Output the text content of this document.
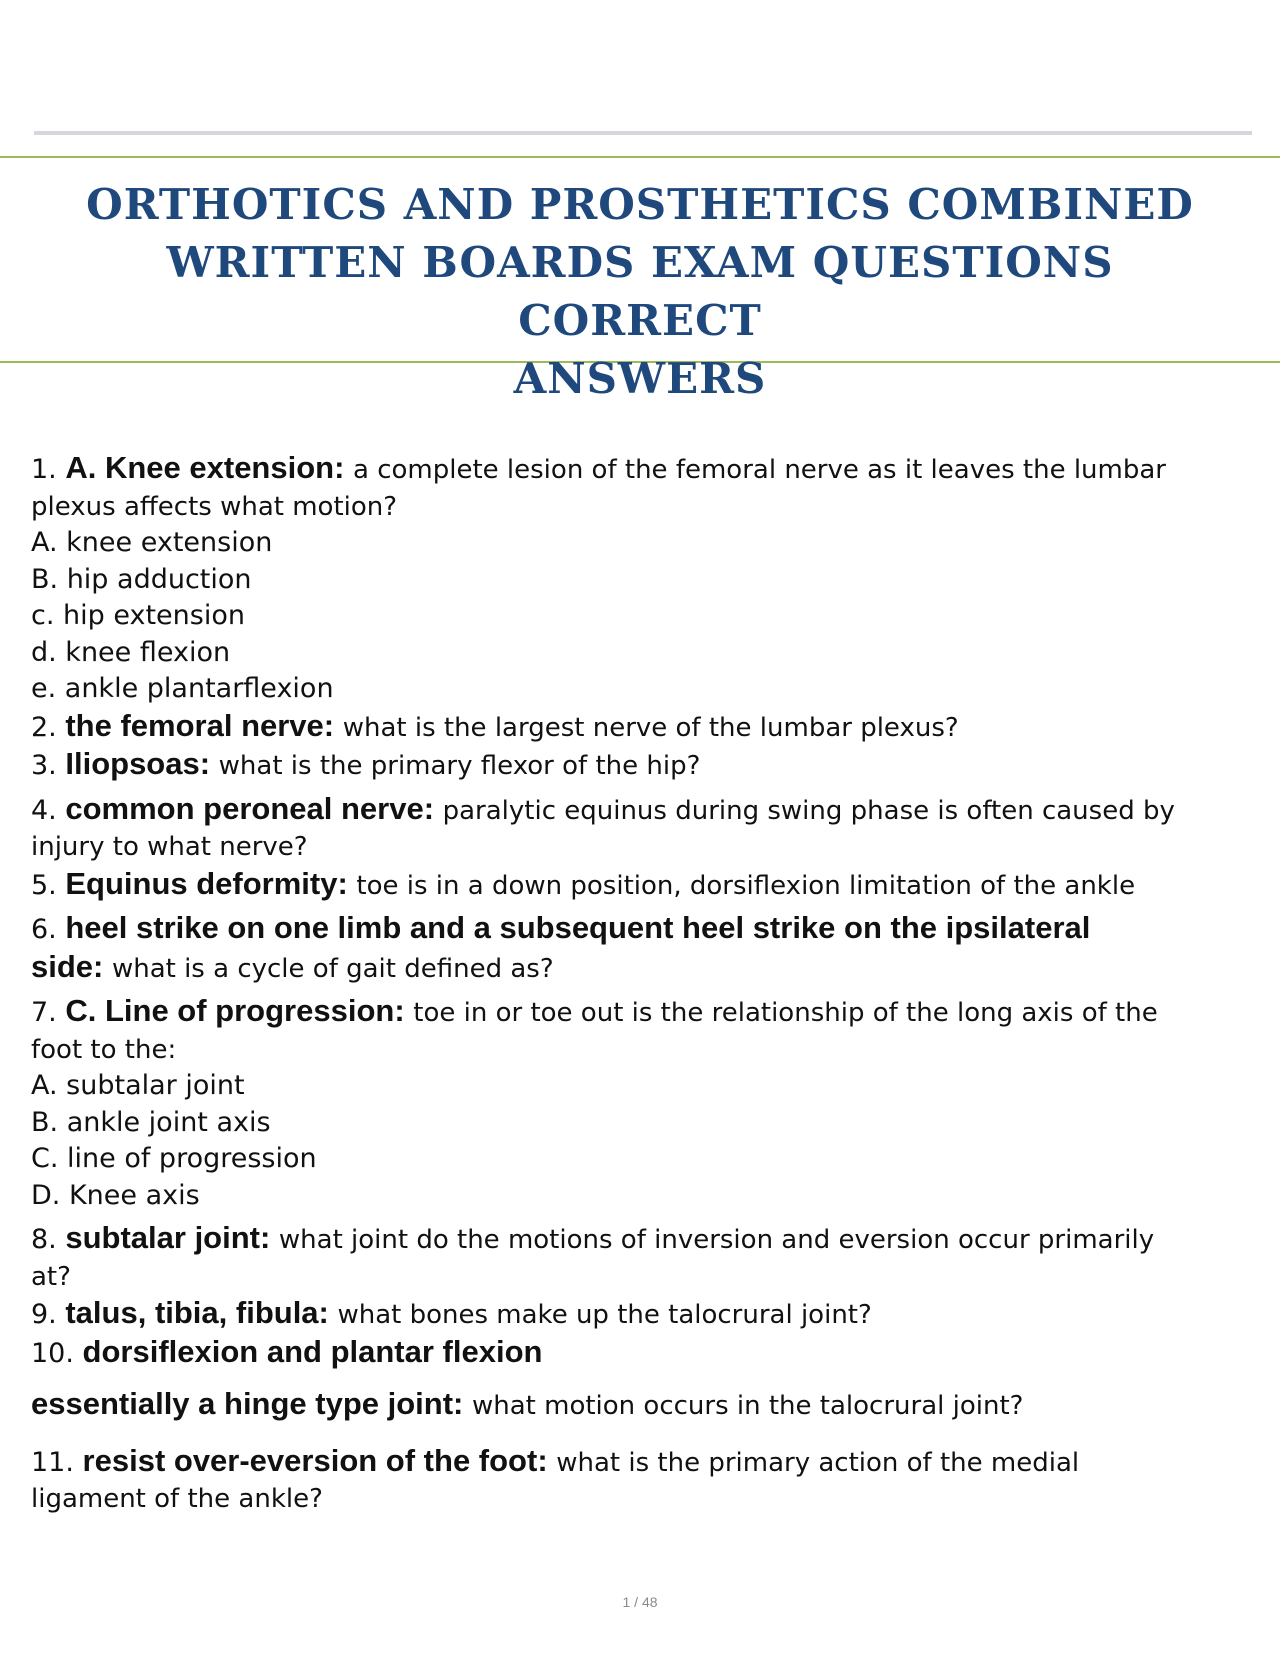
ORTHOTICS AND PROSTHETICS COMBINED
WRITTEN BOARDS EXAM QUESTIONS CORRECT
ANSWERS
1. A. Knee extension: a complete lesion of the femoral nerve as it leaves the lumbar
plexus affects what motion?
A. knee extension
B. hip adduction
c. hip extension
d. knee flexion
e. ankle plantarflexion
2. the femoral nerve: what is the largest nerve of the lumbar plexus?
3. Iliopsoas: what is the primary flexor of the hip?
4. common peroneal nerve: paralytic equinus during swing phase is often caused by
injury to what nerve?
5. Equinus deformity: toe is in a down position, dorsiflexion limitation of the ankle
6. heel strike on one limb and a subsequent heel strike on the ipsilateral
side: what is a cycle of gait defined as?
7. C. Line of progression: toe in or toe out is the relationship of the long axis of the
foot to the:
A. subtalar joint
B. ankle joint axis
C. line of progression
D. Knee axis
8. subtalar joint: what joint do the motions of inversion and eversion occur primarily
at?
9. talus, tibia, fibula: what bones make up the talocrural joint?
10. dorsiflexion and plantar flexion
essentially a hinge type joint: what motion occurs in the talocrural joint?
11. resist over-eversion of the foot: what is the primary action of the medial
ligament of the ankle?
1 / 48
